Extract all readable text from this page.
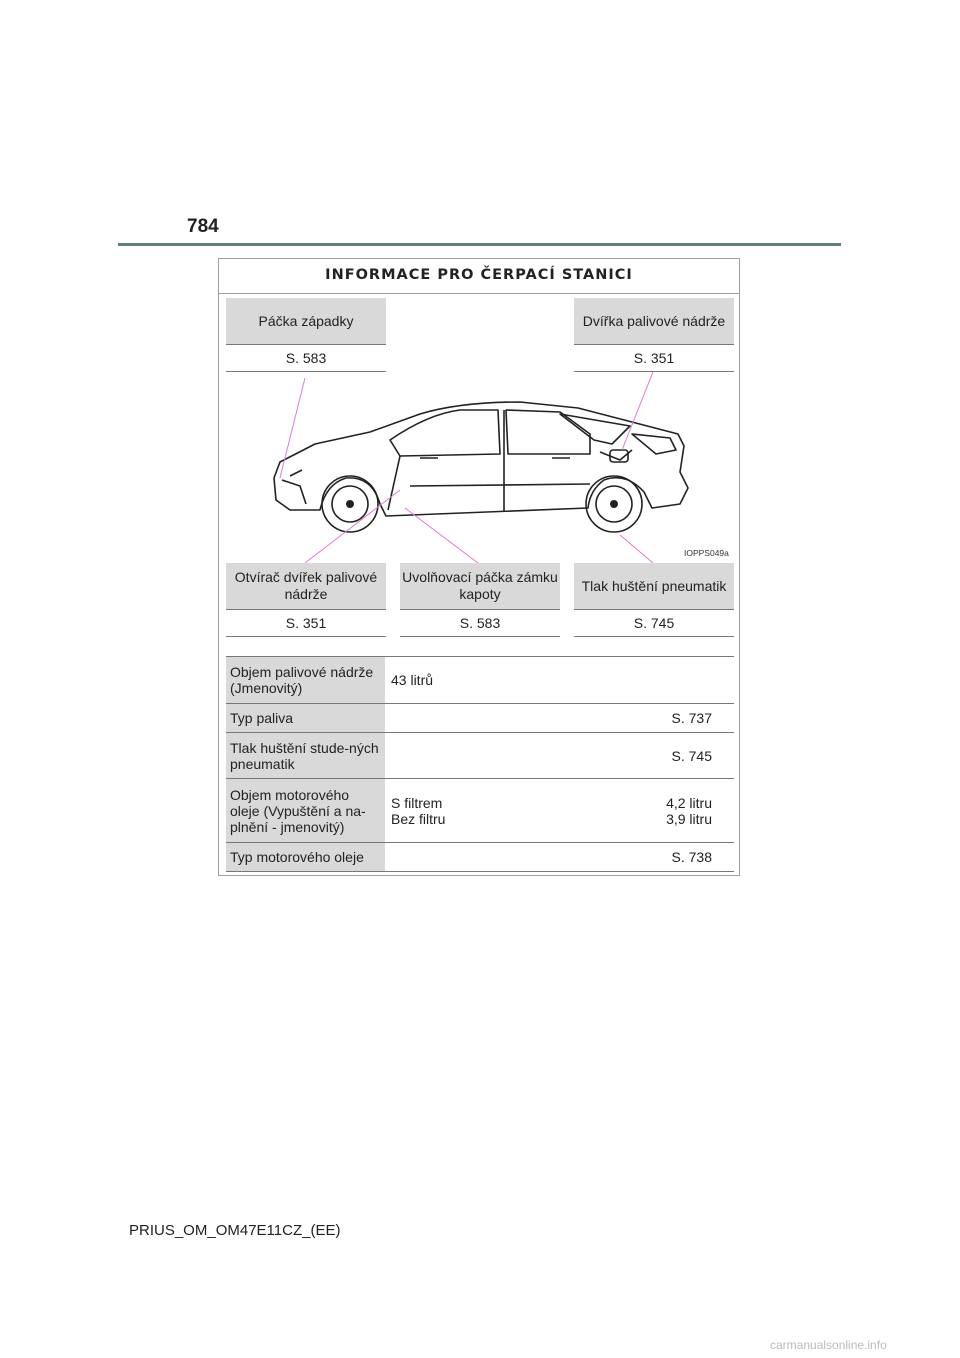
784
INFORMACE PRO ČERPACÍ STANICI
Páčka západky
S. 583
Dvířka palivové nádrže
S. 351
IOPPS049a
Otvírač dvířek palivové nádrže
S. 351
Uvolňovací páčka zámku kapoty
S. 583
Tlak huštění pneumatik
S. 745
Objem palivové nádrže (Jmenovitý)	43 litrů
Typ paliva	S. 737
Tlak huštění stude-ných pneumatik	S. 745
Objem motorového oleje (Vypuštění a na-plnění - jmenovitý)
S filtrem	4,2 litru
Bez filtru	3,9 litru
Typ motorového oleje	S. 738
PRIUS_OM_OM47E11CZ_(EE)
carmanualsonline.info
